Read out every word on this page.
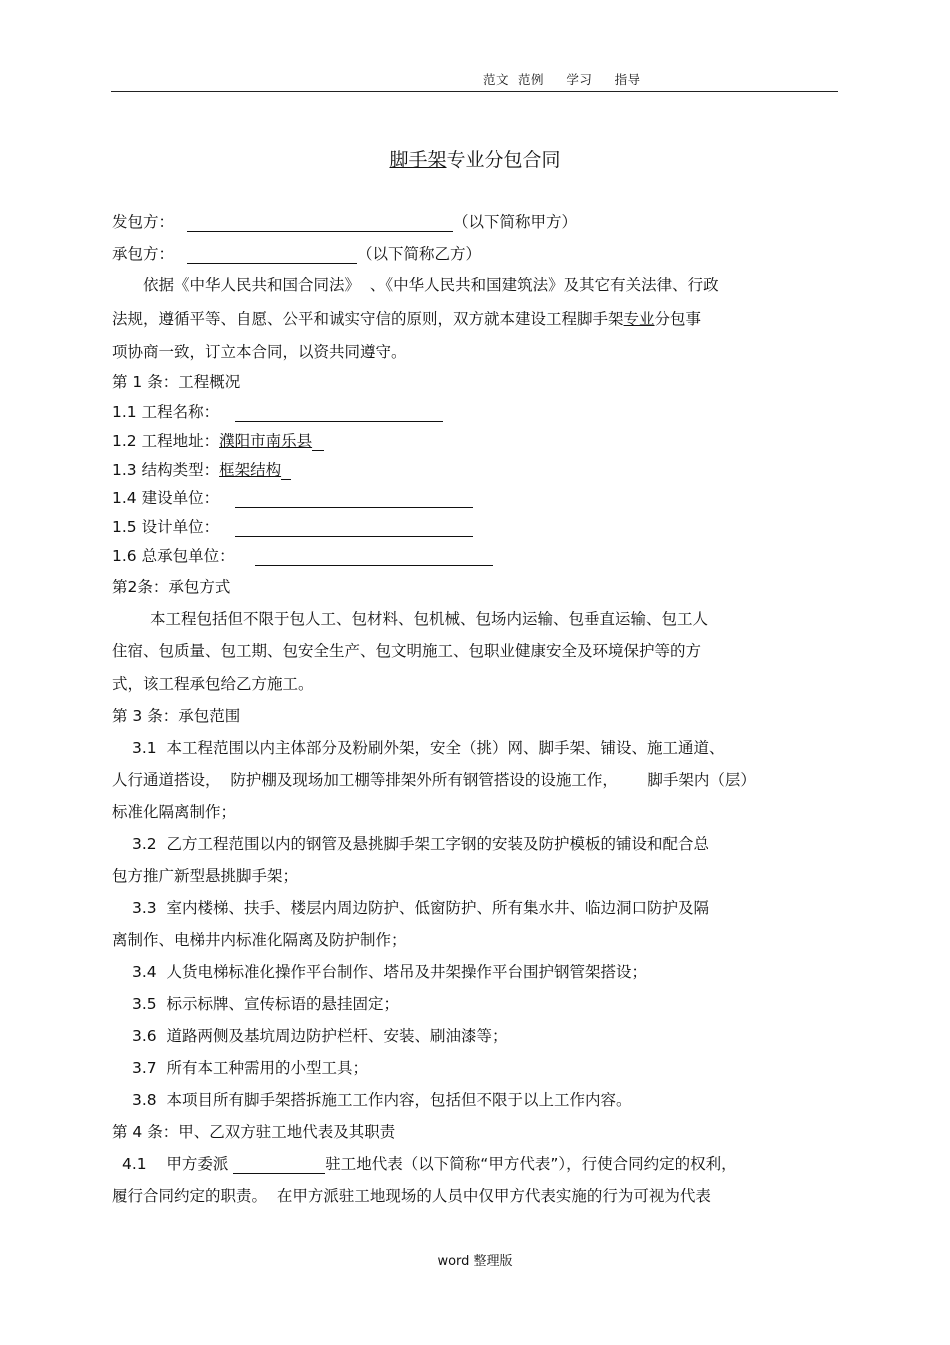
范文  范例     学习     指导
脚手架专业分包合同
发包方：	（以下简称甲方）
承包方：	（以下简称乙方）
依据《中华人民共和国合同法》  、《中华人民共和国建筑法》及其它有关法律、行政
法规，遵循平等、自愿、公平和诚实守信的原则，双方就本建设工程脚手架专业分包事
项协商一致，订立本合同，以资共同遵守。
第 1 条：工程概况
1.1 工程名称：
1.2 工程地址：濮阳市南乐县
1.3 结构类型：框架结构
1.4 建设单位：
1.5 设计单位：
1.6 总承包单位：
第2条：承包方式
本工程包括但不限于包人工、包材料、包机械、包场内运输、包垂直运输、包工人
住宿、包质量、包工期、包安全生产、包文明施工、包职业健康安全及环境保护等的方
式，该工程承包给乙方施工。
第 3 条：承包范围
3.1  本工程范围以内主体部分及粉刷外架，安全（挑）网、脚手架、铺设、施工通道、
人行通道搭设，  防护棚及现场加工棚等排架外所有钢管搭设的设施工作，      脚手架内（层）
标准化隔离制作；
3.2  乙方工程范围以内的钢管及悬挑脚手架工字钢的安装及防护模板的铺设和配合总
包方推广新型悬挑脚手架；
3.3  室内楼梯、扶手、楼层内周边防护、低窗防护、所有集水井、临边洞口防护及隔
离制作、电梯井内标准化隔离及防护制作；
3.4  人货电梯标准化操作平台制作、塔吊及井架操作平台围护钢管架搭设；
3.5  标示标牌、宣传标语的悬挂固定；
3.6  道路两侧及基坑周边防护栏杆、安装、刷油漆等；
3.7  所有本工种需用的小型工具；
3.8  本项目所有脚手架搭拆施工工作内容，包括但不限于以上工作内容。
第 4 条：甲、乙双方驻工地代表及其职责
4.1    甲方委派	驻工地代表（以下简称“甲方代表”），行使合同约定的权利，
履行合同约定的职责。  在甲方派驻工地现场的人员中仅甲方代表实施的行为可视为代表
word 整理版
